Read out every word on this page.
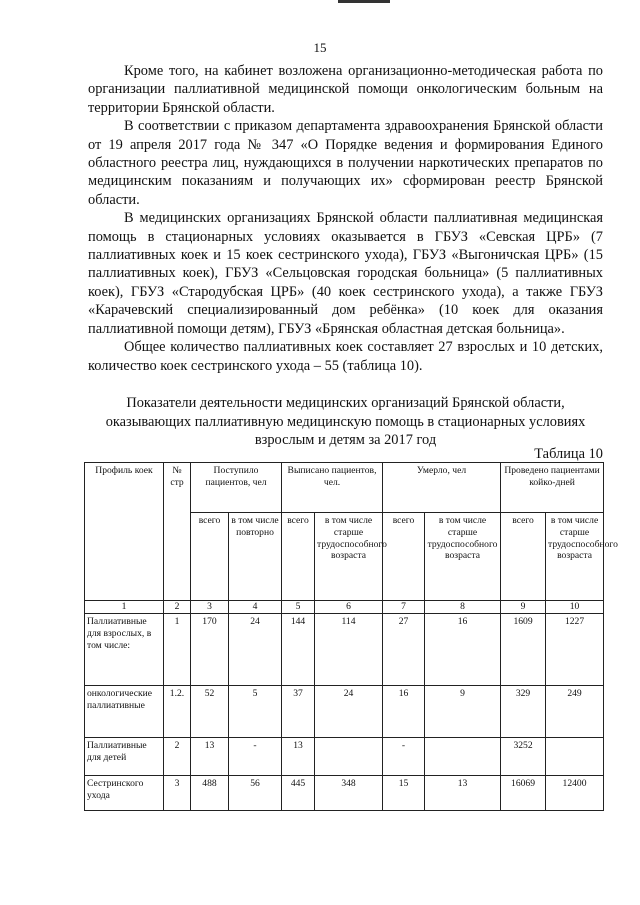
15

Кроме того, на кабинет возложена организационно-методическая работа по организации паллиативной медицинской помощи онкологическим больным на территории Брянской области.

В соответствии с приказом департамента здравоохранения Брянской области от 19 апреля 2017 года № 347 «О Порядке ведения и формирования Единого областного реестра лиц, нуждающихся в получении наркотических препаратов по медицинским показаниям и получающих их» сформирован реестр Брянской области.

В медицинских организациях Брянской области паллиативная медицинская помощь в стационарных условиях оказывается в ГБУЗ «Севская ЦРБ» (7 паллиативных коек и 15 коек сестринского ухода), ГБУЗ «Выгоничская ЦРБ» (15 паллиативных коек), ГБУЗ «Сельцовская городская больница» (5 паллиативных коек), ГБУЗ «Стародубская ЦРБ» (40 коек сестринского ухода), а также ГБУЗ «Карачевский специализированный дом ребёнка» (10 коек для оказания паллиативной помощи детям), ГБУЗ «Брянская областная детская больница».

Общее количество паллиативных коек составляет 27 взрослых и 10 детских, количество коек сестринского ухода – 55 (таблица 10).

Показатели деятельности медицинских организаций Брянской области, оказывающих паллиативную медицинскую помощь в стационарных условиях взрослым и детям за 2017 год
Таблица 10
Профиль коек	№ стр	Поступило пациентов, чел		Выписано пациентов, чел.		Умерло, чел		Проведено пациентами койко-дней	
		всего	в том числе повторно	всего	в том числе старше трудоспособного возраста	всего	в том числе старше трудоспособного возраста	всего	в том числе старше трудоспособного возраста
1	2	3	4	5	6	7	8	9	10
Паллиативные для взрослых, в том числе:	1	170	24	144	114	27	16	1609	1227
онкологические паллиативные	1.2.	52	5	37	24	16	9	329	249
Паллиативные для детей	2	13	-	13		-		3252	
Сестринского ухода	3	488	56	445	348	15	13	16069	12400
